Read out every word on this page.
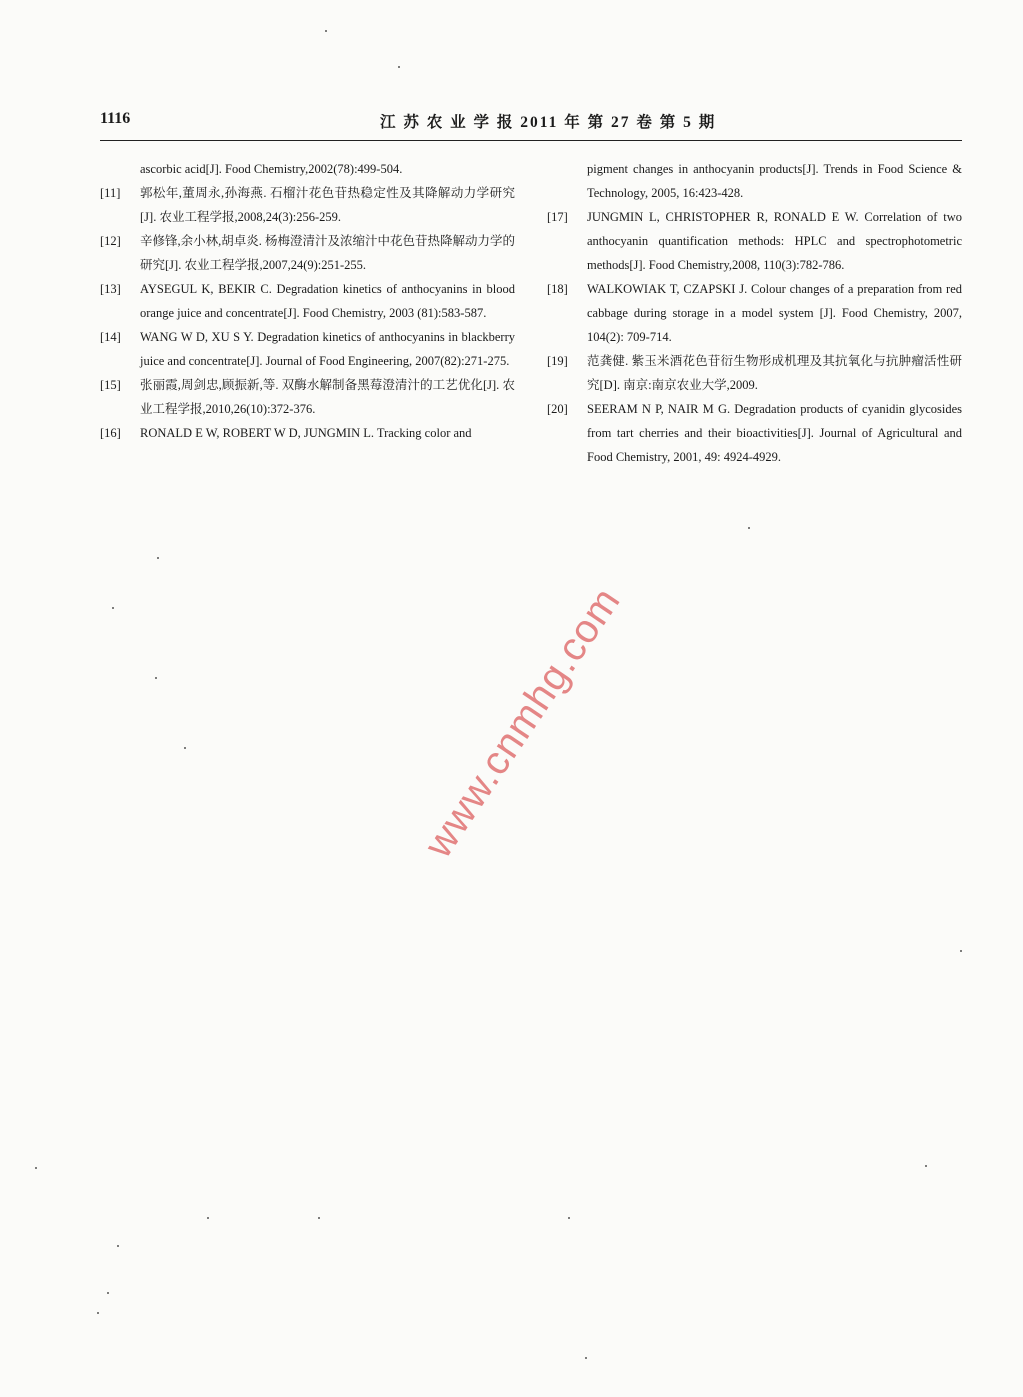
1116	江 苏 农 业 学 报 2011 年 第 27 卷 第 5 期
ascorbic acid[J]. Food Chemistry,2002(78):499-504.
[11]	郭松年,董周永,孙海燕. 石榴汁花色苷热稳定性及其降解动力学研究[J]. 农业工程学报,2008,24(3):256-259.
[12]	辛修锋,余小林,胡卓炎. 杨梅澄清汁及浓缩汁中花色苷热降解动力学的研究[J]. 农业工程学报,2007,24(9):251-255.
[13]	AYSEGUL K, BEKIR C. Degradation kinetics of anthocyanins in blood orange juice and concentrate[J]. Food Chemistry, 2003 (81):583-587.
[14]	WANG W D, XU S Y. Degradation kinetics of anthocyanins in blackberry juice and concentrate[J]. Journal of Food Engineering, 2007(82):271-275.
[15]	张丽霞,周剑忠,顾振新,等. 双酶水解制备黑莓澄清汁的工艺优化[J]. 农业工程学报,2010,26(10):372-376.
[16]	RONALD E W, ROBERT W D, JUNGMIN L. Tracking color and
pigment changes in anthocyanin products[J]. Trends in Food Science & Technology, 2005, 16:423-428.
[17]	JUNGMIN L, CHRISTOPHER R, RONALD E W. Correlation of two anthocyanin quantification methods: HPLC and spectrophotometric methods[J]. Food Chemistry,2008, 110(3):782-786.
[18]	WALKOWIAK T, CZAPSKI J. Colour changes of a preparation from red cabbage during storage in a model system [J]. Food Chemistry, 2007, 104(2): 709-714.
[19]	范龚健. 紫玉米酒花色苷衍生物形成机理及其抗氧化与抗肿瘤活性研究[D]. 南京:南京农业大学,2009.
[20]	SEERAM N P, NAIR M G. Degradation products of cyanidin glycosides from tart cherries and their bioactivities[J]. Journal of Agricultural and Food Chemistry, 2001, 49: 4924-4929.
www.cnmhg.com
